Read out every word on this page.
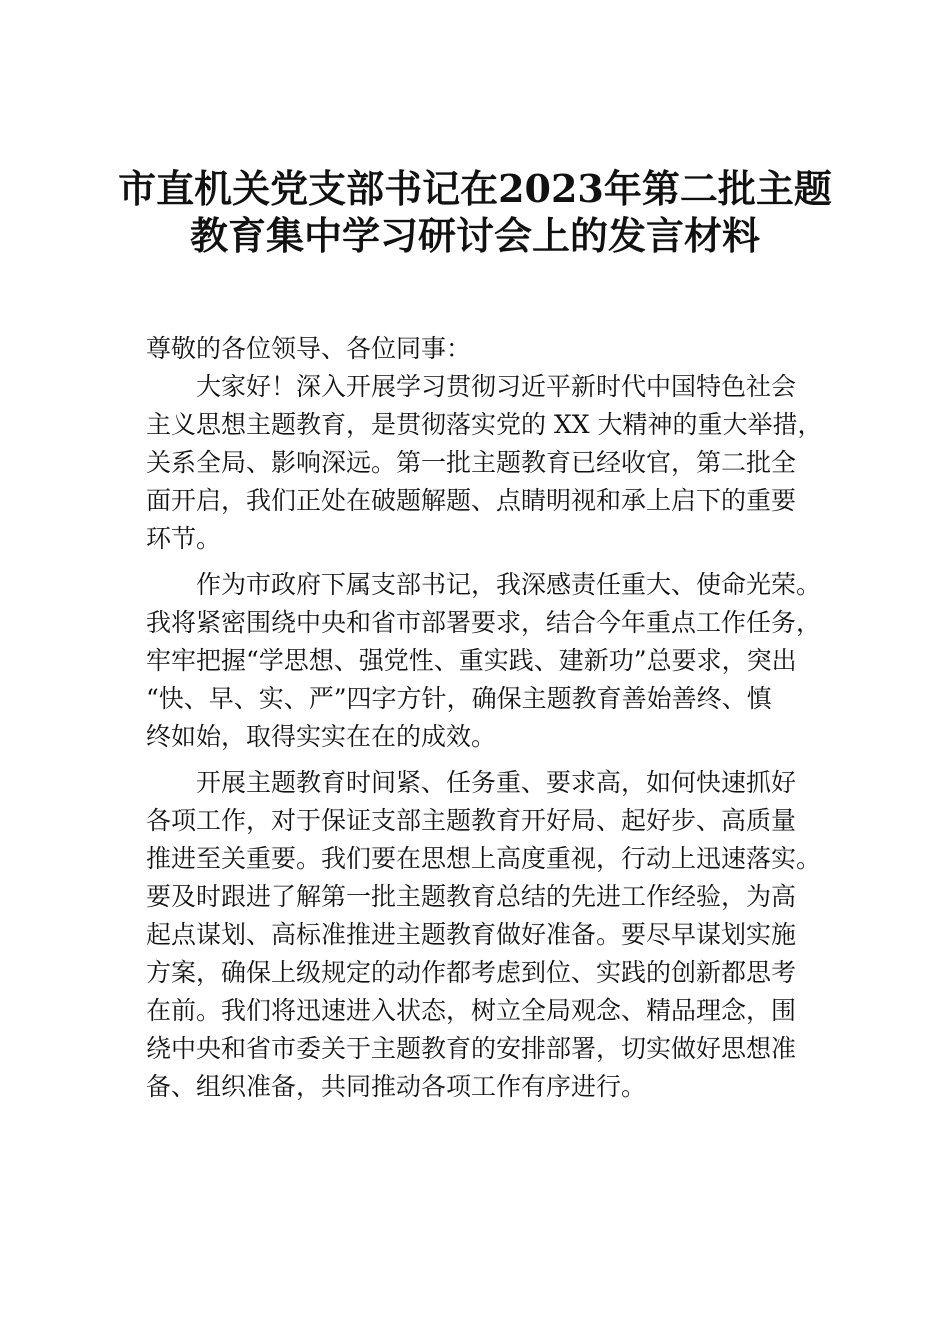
市直机关党支部书记在2023年第二批主题
教育集中学习研讨会上的发言材料
尊敬的各位领导、各位同事：
大家好！深入开展学习贯彻习近平新时代中国特色社会
主义思想主题教育，是贯彻落实党的 XX 大精神的重大举措，
关系全局、影响深远。第一批主题教育已经收官，第二批全
面开启，我们正处在破题解题、点睛明视和承上启下的重要
环节。
作为市政府下属支部书记，我深感责任重大、使命光荣。
我将紧密围绕中央和省市部署要求，结合今年重点工作任务，
牢牢把握“学思想、强党性、重实践、建新功”总要求，突出
“快、早、实、严”四字方针，确保主题教育善始善终、慎
终如始，取得实实在在的成效。
开展主题教育时间紧、任务重、要求高，如何快速抓好
各项工作，对于保证支部主题教育开好局、起好步、高质量
推进至关重要。我们要在思想上高度重视，行动上迅速落实。
要及时跟进了解第一批主题教育总结的先进工作经验，为高
起点谋划、高标准推进主题教育做好准备。要尽早谋划实施
方案，确保上级规定的动作都考虑到位、实践的创新都思考
在前。我们将迅速进入状态，树立全局观念、精品理念，围
绕中央和省市委关于主题教育的安排部署，切实做好思想准
备、组织准备，共同推动各项工作有序进行。
